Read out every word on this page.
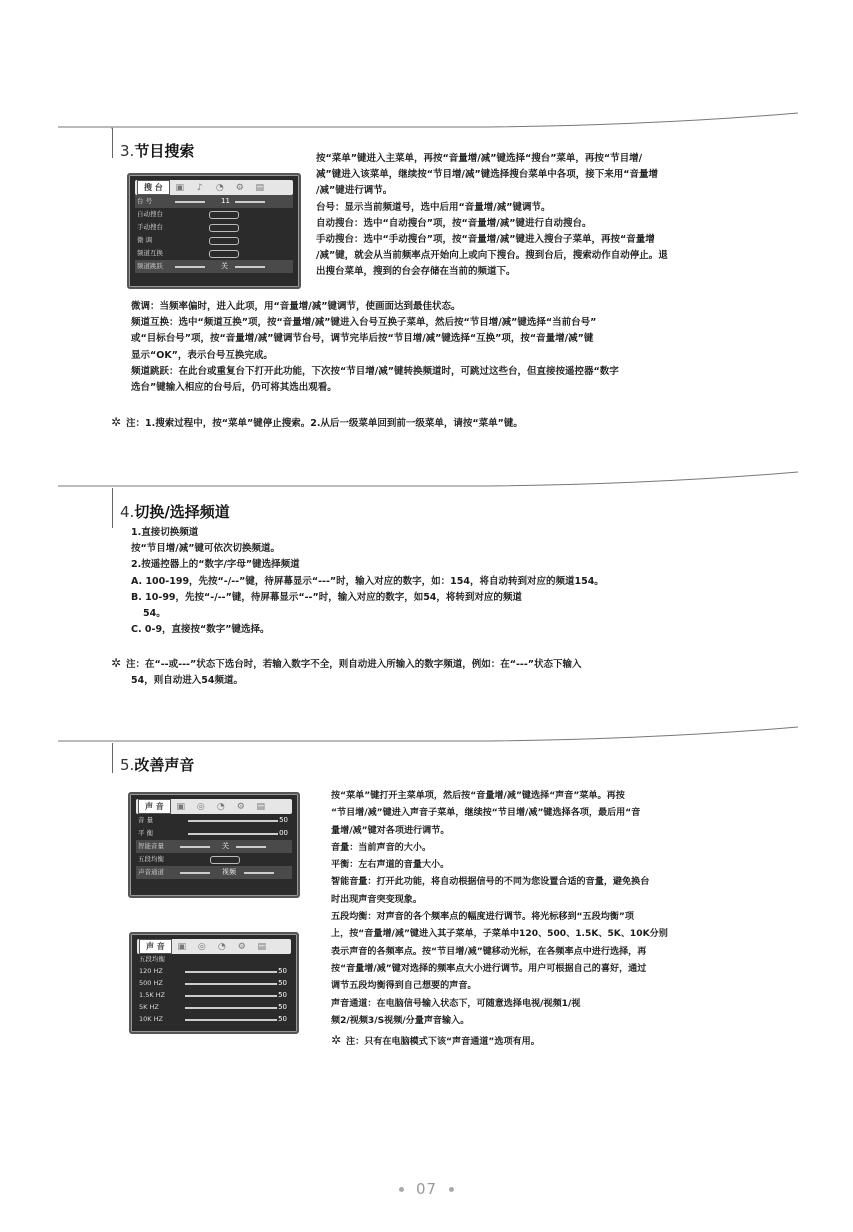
3.节目搜索
搜 台	▣	♪	◔	⚙	▤
台 号	11
自动搜台
手动搜台
微 调
频道互换
频道跳跃	关
按“菜单”键进入主菜单，再按“音量增/减”键选择“搜台”菜单，再按“节目增/
减”键进入该菜单，继续按“节目增/减”键选择搜台菜单中各项，接下来用“音量增
/减”键进行调节。
台号：显示当前频道号，选中后用“音量增/减”键调节。
自动搜台：选中“自动搜台”项，按“音量增/减”键进行自动搜台。
手动搜台：选中“手动搜台”项，按“音量增/减”键进入搜台子菜单，再按“音量增
/减”键，就会从当前频率点开始向上或向下搜台。搜到台后，搜索动作自动停止。退
出搜台菜单，搜到的台会存储在当前的频道下。
微调：当频率偏时，进入此项，用“音量增/减”键调节，使画面达到最佳状态。
频道互换：选中“频道互换”项，按“音量增/减”键进入台号互换子菜单，然后按“节目增/减”键选择“当前台号”
或“目标台号”项，按“音量增/减”键调节台号，调节完毕后按“节目增/减”键选择“互换”项，按“音量增/减”键
显示“OK”，表示台号互换完成。
频道跳跃：在此台或重复台下打开此功能，下次按“节目增/减”键转换频道时，可跳过这些台，但直接按遥控器“数字
选台”键输入相应的台号后，仍可将其选出观看。
✲ 注：1.搜索过程中，按“菜单”键停止搜索。2.从后一级菜单回到前一级菜单，请按“菜单”键。
4.切换/选择频道
1.直接切换频道
按“节目增/减”键可依次切换频道。
2.按遥控器上的“数字/字母”键选择频道
A. 100-199，先按“-/--”键，待屏幕显示“---”时，输入对应的数字，如：154，将自动转到对应的频道154。
B. 10-99，先按“-/--”键，待屏幕显示“--”时，输入对应的数字，如54，将转到对应的频道
54。
C. 0-9，直接按“数字”键选择。
✲ 注：在“--或---”状态下选台时，若输入数字不全，则自动进入所输入的数字频道，例如：在“---”状态下输入
54，则自动进入54频道。
5.改善声音
声 音	▣	◎	◔	⚙	▤
音 量	50
平 衡	00
智能音量	关
五段均衡
声音通道	视频
声 音	▣	◎	◔	⚙	▤
五段均衡
120 HZ	50
500 HZ	50
1.5K HZ	50
5K HZ	50
10K HZ	50
按“菜单”键打开主菜单项，然后按“音量增/减”键选择“声音”菜单。再按
“节目增/减”键进入声音子菜单，继续按“节目增/减”键选择各项，最后用“音
量增/减”键对各项进行调节。
音量：当前声音的大小。
平衡：左右声道的音量大小。
智能音量：打开此功能，将自动根据信号的不同为您设置合适的音量，避免换台
时出现声音突变现象。
五段均衡：对声音的各个频率点的幅度进行调节。将光标移到“五段均衡”项
上，按“音量增/减”键进入其子菜单，子菜单中120、500、1.5K、5K、10K分别
表示声音的各频率点。按“节目增/减”键移动光标，在各频率点中进行选择，再
按“音量增/减”键对选择的频率点大小进行调节。用户可根据自己的喜好，通过
调节五段均衡得到自己想要的声音。
声音通道：在电脑信号输入状态下，可随意选择电视/视频1/视
频2/视频3/S视频/分量声音输入。
✲ 注：只有在电脑模式下该“声音通道”选项有用。
07
